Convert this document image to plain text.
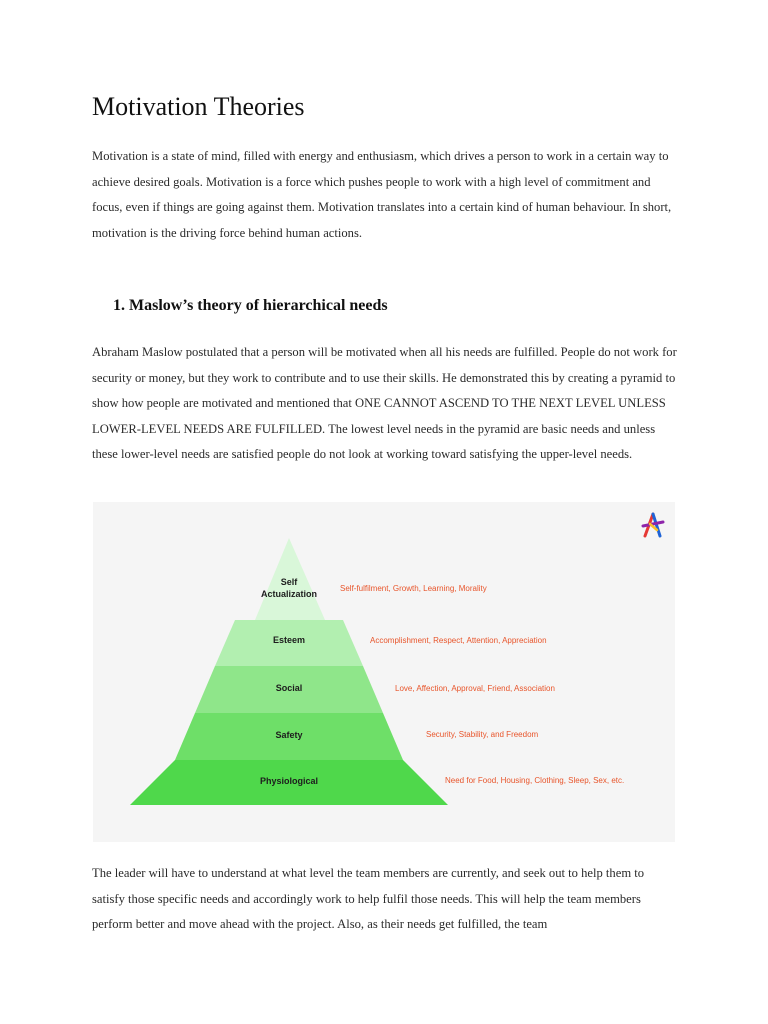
Motivation Theories

Motivation is a state of mind, filled with energy and enthusiasm, which drives a person to work in a certain way to achieve desired goals. Motivation is a force which pushes people to work with a high level of commitment and focus, even if things are going against them. Motivation translates into a certain kind of human behaviour. In short, motivation is the driving force behind human actions.

1. Maslow’s theory of hierarchical needs

Abraham Maslow postulated that a person will be motivated when all his needs are fulfilled. People do not work for security or money, but they work to contribute and to use their skills. He demonstrated this by creating a pyramid to show how people are motivated and mentioned that ONE CANNOT ASCEND TO THE NEXT LEVEL UNLESS LOWER-LEVEL NEEDS ARE FULFILLED. The lowest level needs in the pyramid are basic needs and unless these lower-level needs are satisfied people do not look at working toward satisfying the upper-level needs.

Self
Actualization
Esteem
Social
Safety
Physiological
Self-fulfilment, Growth, Learning, Morality
Accomplishment, Respect, Attention, Appreciation
Love, Affection, Approval, Friend, Association
Security, Stability, and Freedom
Need for Food, Housing, Clothing, Sleep, Sex, etc.

The leader will have to understand at what level the team members are currently, and seek out to help them to satisfy those specific needs and accordingly work to help fulfil those needs. This will help the team members perform better and move ahead with the project. Also, as their needs get fulfilled, the team
